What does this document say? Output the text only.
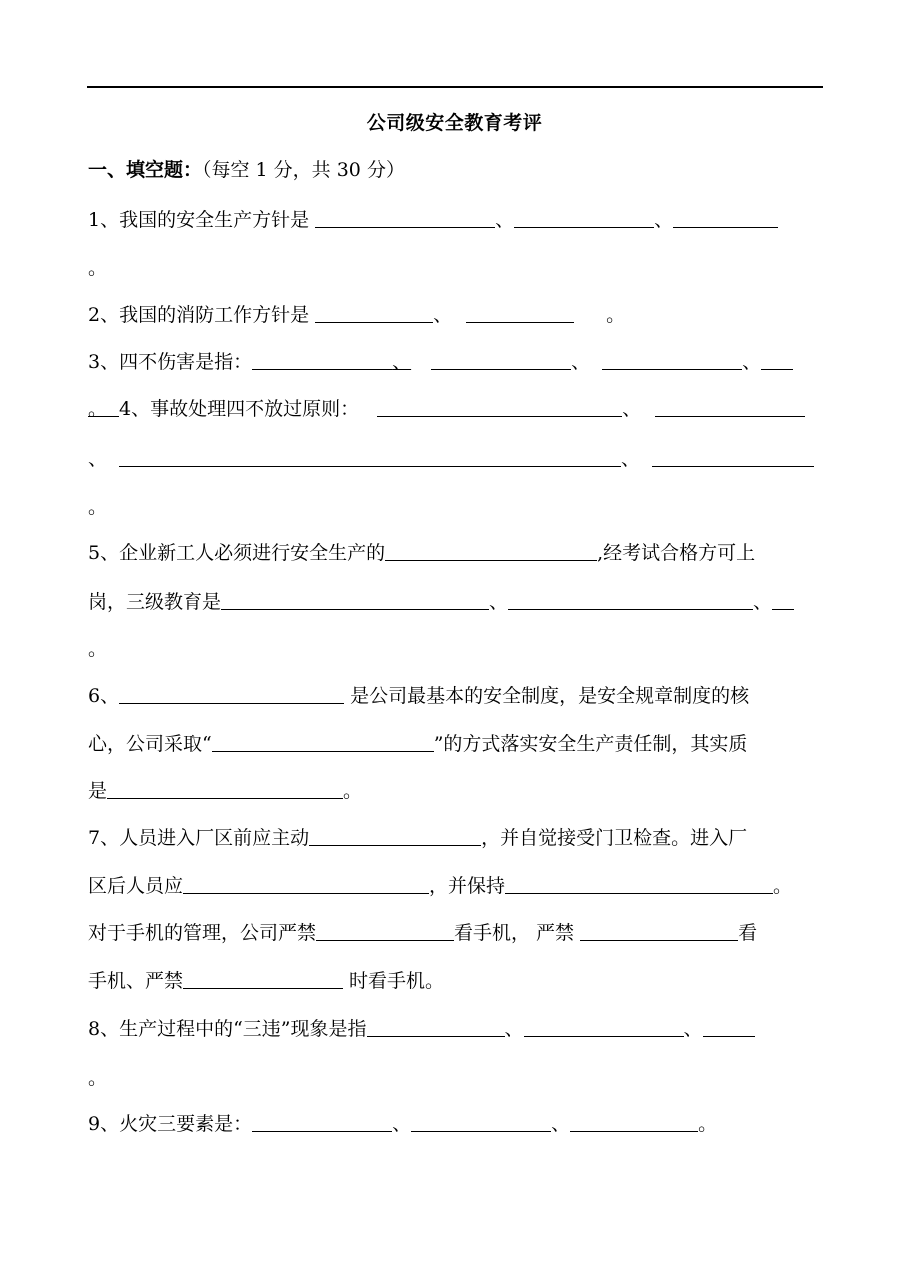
公司级安全教育考评
一、填空题：（每空 1 分，共 30 分）
1、我国的安全生产方针是	、	、
。
2、我国的消防工作方针是	、	。
3、四不伤害是指：	、	、	、
。 4、事故处理四不放过原则：	、
、	、
。
5、企业新工人必须进行安全生产的	,经考试合格方可上
岗，三级教育是	、	、
。
6、	是公司最基本的安全制度，是安全规章制度的核
心，公司采取“	”的方式落实安全生产责任制，其实质
是	。
7、人员进入厂区前应主动	，并自觉接受门卫检查。进入厂
区后人员应	，并保持	。
对于手机的管理，公司严禁	看手机， 严禁	看
手机、严禁	时看手机。
8、生产过程中的“三违”现象是指	、	、
。
9、火灾三要素是：	、	、	。
